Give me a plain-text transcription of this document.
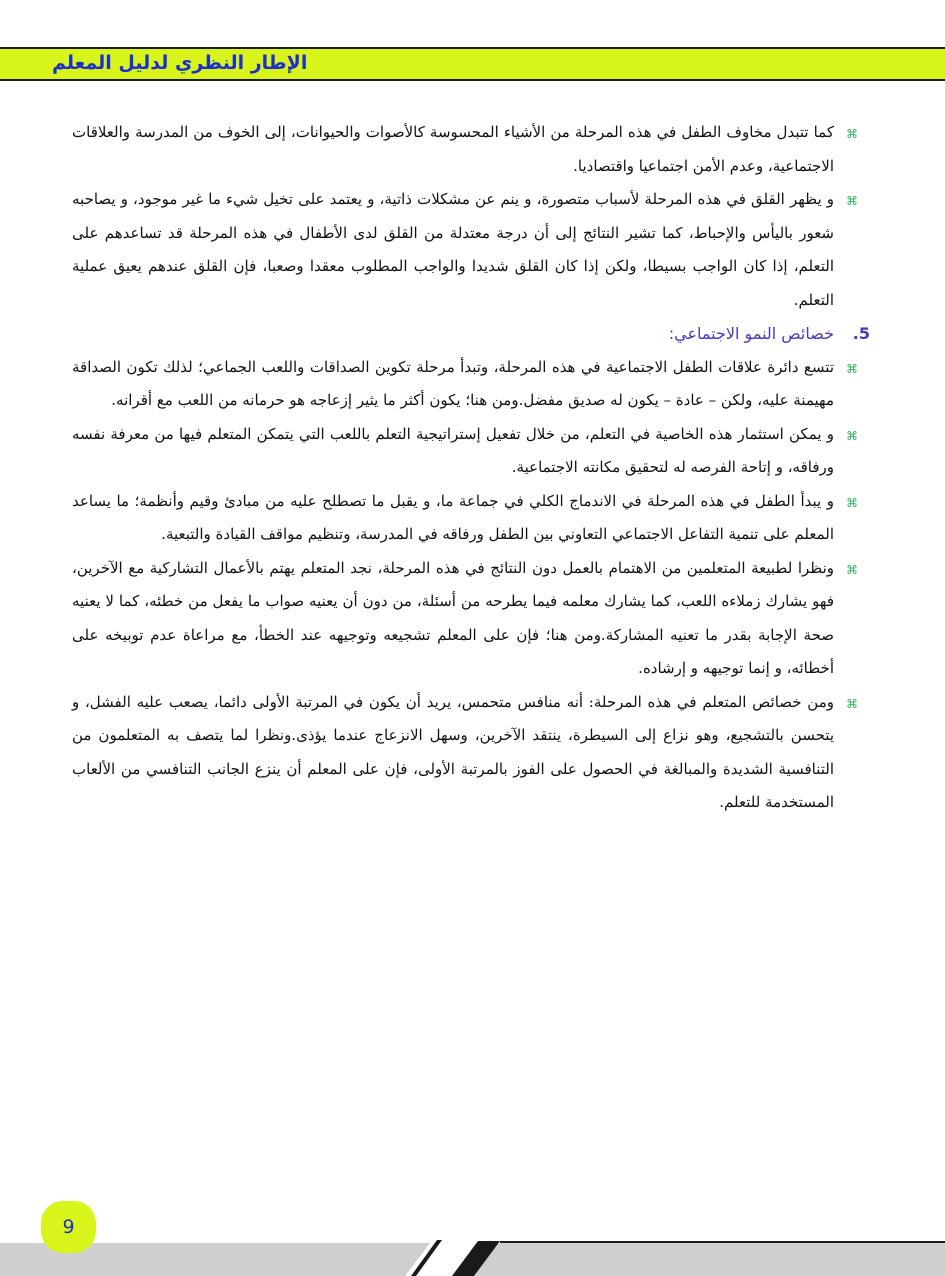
الإطار النظري لدليل المعلم
⌘
كما تتبدل مخاوف الطفل في هذه المرحلة من الأشياء المحسوسة كالأصوات والحيوانات، إلى الخوف من المدرسة والعلاقات الاجتماعية، وعدم الأمن اجتماعيا واقتصاديا.
⌘
و يظهر القلق في هذه المرحلة لأسباب متصورة، و ينم عن مشكلات ذاتية، و يعتمد على تخيل شيء ما غير موجود، و يصاحبه شعور باليأس والإحباط، كما تشير النتائج إلى أن درجة معتدلة من القلق لدى الأطفال في هذه المرحلة قد تساعدهم على التعلم، إذا كان الواجب بسيطا، ولكن إذا كان القلق شديدا والواجب المطلوب معقدا وصعبا، فإن القلق عندهم يعيق عملية التعلم.
5.
خصائص النمو الاجتماعي:
⌘
تتسع دائرة علاقات الطفل الاجتماعية في هذه المرحلة، وتبدأ مرحلة تكوين الصداقات واللعب الجماعي؛ لذلك تكون الصداقة مهيمنة عليه، ولكن – عادة – يكون له صديق مفضل.ومن هنا؛ يكون أكثر ما يثير إزعاجه هو حرمانه من اللعب مع أقرانه.
⌘
و يمكن استثمار هذه الخاصية في التعلم، من خلال تفعيل إستراتيجية التعلم باللعب التي يتمكن المتعلم فيها من معرفة نفسه ورفاقه، و إتاحة الفرصه له لتحقيق مكانته الاجتماعية.
⌘
و يبدأ الطفل في هذه المرحلة في الاندماج الكلي في جماعة ما، و يقبل ما تصطلح عليه من مبادئ وقيم وأنظمة؛ ما يساعد المعلم على تنمية التفاعل الاجتماعي التعاوني بين الطفل ورفاقه في المدرسة، وتنظيم مواقف القيادة والتبعية.
⌘
ونظرا لطبيعة المتعلمين من الاهتمام بالعمل دون النتائج في هذه المرحلة، نجد المتعلم يهتم بالأعمال التشاركية مع الآخرين، فهو يشارك زملاءه اللعب، كما يشارك معلمه فيما يطرحه من أسئلة، من دون أن يعنيه صواب ما يفعل من خطئه، كما لا يعنيه صحة الإجابة بقدر ما تعنيه المشاركة.ومن هنا؛ فإن على المعلم تشجيعه وتوجيهه عند الخطأ، مع مراعاة عدم توبيخه على أخطائه، و إنما توجيهه و إرشاده.
⌘
ومن خصائص المتعلم في هذه المرحلة: أنه منافس متحمس، يريد أن يكون في المرتبة الأولى دائما، يصعب عليه الفشل، و يتحسن بالتشجيع، وهو نزاع إلى السيطرة، ينتقد الآخرين، وسهل الانزعاج عندما يؤذى.ونظرا لما يتصف به المتعلمون من التنافسية الشديدة والمبالغة في الحصول على الفوز بالمرتبة الأولى، فإن على المعلم أن ينزع الجانب التنافسي من الألعاب المستخدمة للتعلم.
9
